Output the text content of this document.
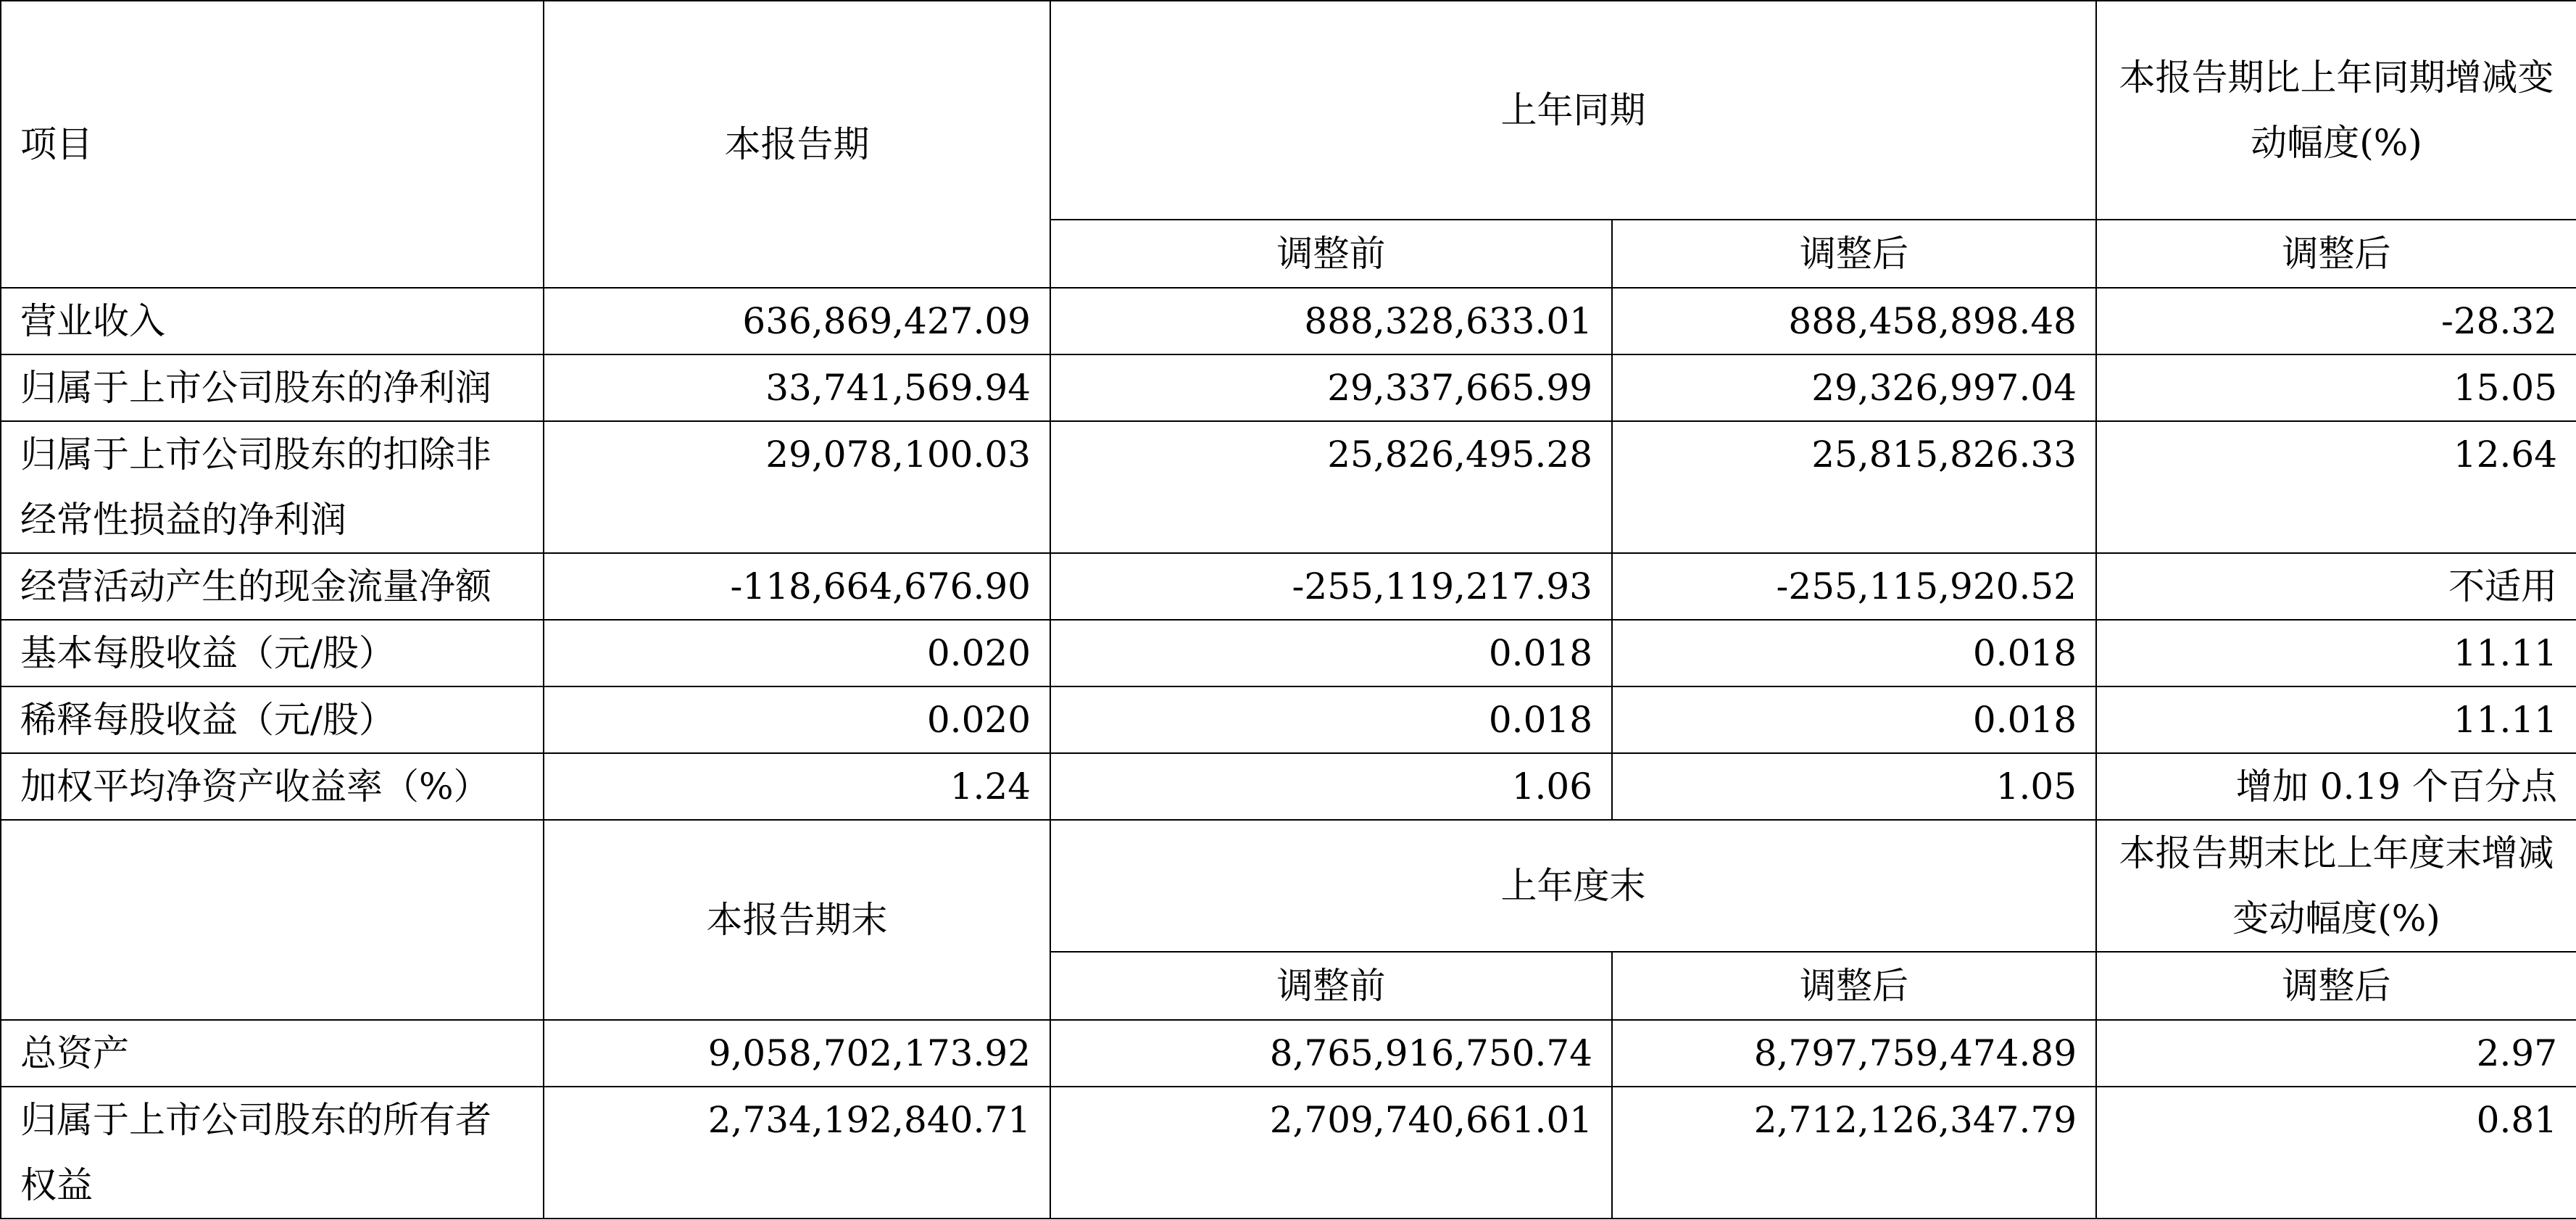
项目	本报告期	上年同期		本报告期比上年同期增减变动幅度(%)
		调整前	调整后	调整后
营业收入	636,869,427.09	888,328,633.01	888,458,898.48	-28.32
归属于上市公司股东的净利润	33,741,569.94	29,337,665.99	29,326,997.04	15.05
归属于上市公司股东的扣除非经常性损益的净利润	29,078,100.03	25,826,495.28	25,815,826.33	12.64
经营活动产生的现金流量净额	-118,664,676.90	-255,119,217.93	-255,115,920.52	不适用
基本每股收益（元/股）	0.020	0.018	0.018	11.11
稀释每股收益（元/股）	0.020	0.018	0.018	11.11
加权平均净资产收益率（%）	1.24	1.06	1.05	增加 0.19 个百分点
	本报告期末	上年度末		本报告期末比上年度末增减变动幅度(%)
		调整前	调整后	调整后
总资产	9,058,702,173.92	8,765,916,750.74	8,797,759,474.89	2.97
归属于上市公司股东的所有者权益	2,734,192,840.71	2,709,740,661.01	2,712,126,347.79	0.81
